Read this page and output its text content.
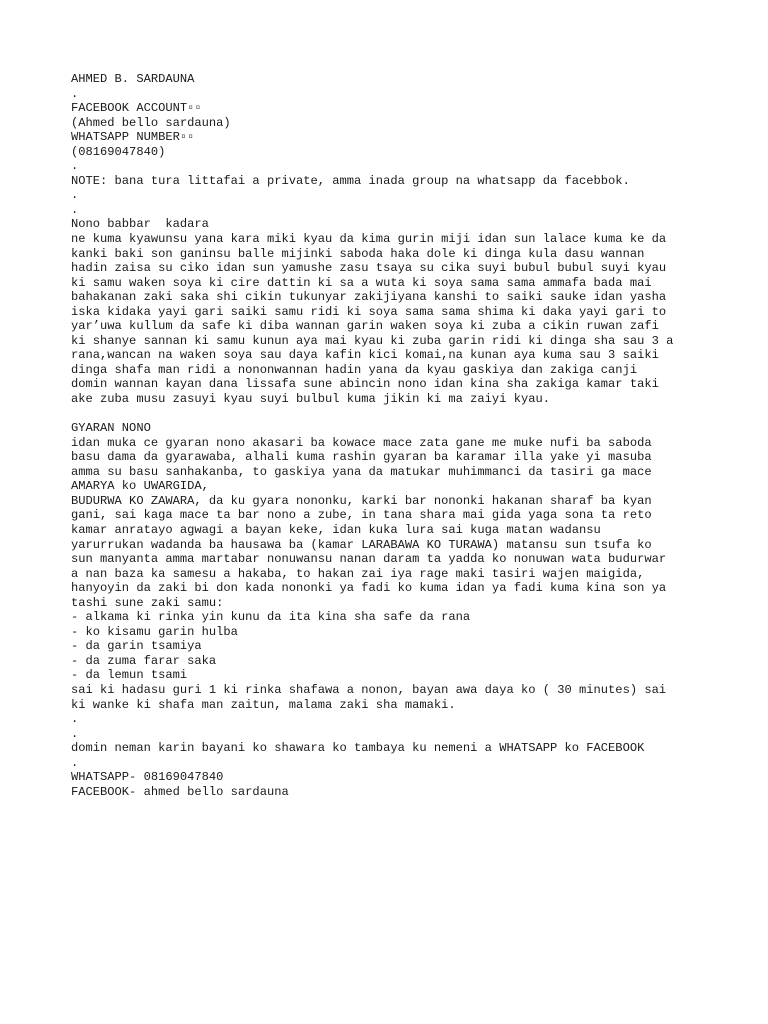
AHMED B. SARDAUNA
.
FACEBOOK ACCOUNT▫▫
(Ahmed bello sardauna)
WHATSAPP NUMBER▫▫
(08169047840)
.
NOTE: bana tura littafai a private, amma inada group na whatsapp da facebbok.
.
.
Nono babbar  kadara
ne kuma kyawunsu yana kara miki kyau da kima gurin miji idan sun lalace kuma ke da
kanki baki son ganinsu balle mijinki saboda haka dole ki dinga kula dasu wannan
hadin zaisa su ciko idan sun yamushe zasu tsaya su cika suyi bubul bubul suyi kyau
ki samu waken soya ki cire dattin ki sa a wuta ki soya sama sama ammafa bada mai
bahakanan zaki saka shi cikin tukunyar zakijiyana kanshi to saiki sauke idan yasha
iska kidaka yayi gari saiki samu ridi ki soya sama sama shima ki daka yayi gari to
yar’uwa kullum da safe ki diba wannan garin waken soya ki zuba a cikin ruwan zafi
ki shanye sannan ki samu kunun aya mai kyau ki zuba garin ridi ki dinga sha sau 3 a
rana,wancan na waken soya sau daya kafin kici komai,na kunan aya kuma sau 3 saiki
dinga shafa man ridi a nononwannan hadin yana da kyau gaskiya dan zakiga canji
domin wannan kayan dana lissafa sune abincin nono idan kina sha zakiga kamar taki
ake zuba musu zasuyi kyau suyi bulbul kuma jikin ki ma zaiyi kyau.
GYARAN NONO
idan muka ce gyaran nono akasari ba kowace mace zata gane me muke nufi ba saboda
basu dama da gyarawaba, alhali kuma rashin gyaran ba karamar illa yake yi masuba
amma su basu sanhakanba, to gaskiya yana da matukar muhimmanci da tasiri ga mace
AMARYA ko UWARGIDA,
BUDURWA KO ZAWARA, da ku gyara nononku, karki bar nononki hakanan sharaf ba kyan
gani, sai kaga mace ta bar nono a zube, in tana shara mai gida yaga sona ta reto
kamar anratayo agwagi a bayan keke, idan kuka lura sai kuga matan wadansu
yarurrukan wadanda ba hausawa ba (kamar LARABAWA KO TURAWA) matansu sun tsufa ko
sun manyanta amma martabar nonuwansu nanan daram ta yadda ko nonuwan wata budurwar
a nan baza ka samesu a hakaba, to hakan zai iya rage maki tasiri wajen maigida,
hanyoyin da zaki bi don kada nononki ya fadi ko kuma idan ya fadi kuma kina son ya
tashi sune zaki samu:
- alkama ki rinka yin kunu da ita kina sha safe da rana
- ko kisamu garin hulba
- da garin tsamiya
- da zuma farar saka
- da lemun tsami
sai ki hadasu guri 1 ki rinka shafawa a nonon, bayan awa daya ko ( 30 minutes) sai
ki wanke ki shafa man zaitun, malama zaki sha mamaki.
.
.
domin neman karin bayani ko shawara ko tambaya ku nemeni a WHATSAPP ko FACEBOOK
.
WHATSAPP- 08169047840
FACEBOOK- ahmed bello sardauna
